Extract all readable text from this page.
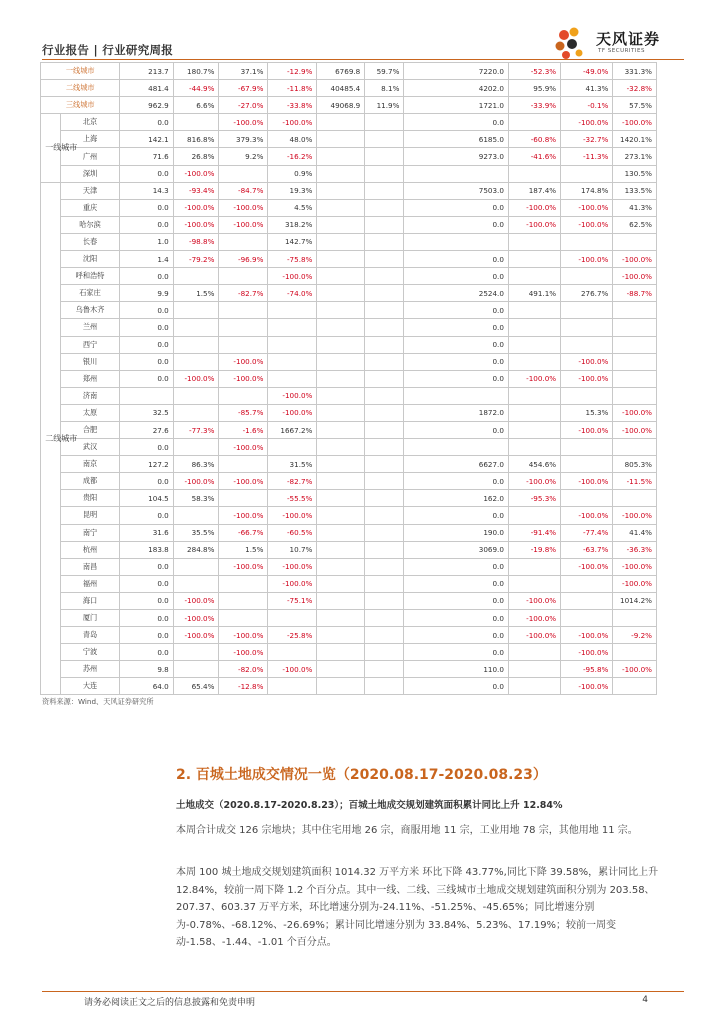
行业报告 | 行业研究周报
天风证券
TF SECURITIES
一线城市		213.7	180.7%	37.1%	-12.9%	6769.8	59.7%	7220.0	-52.3%	-49.0%	331.3%
二线城市		481.4	-44.9%	-67.9%	-11.8%	40485.4	8.1%	4202.0	95.9%	41.3%	-32.8%
三线城市		962.9	6.6%	-27.0%	-33.8%	49068.9	11.9%	1721.0	-33.9%	-0.1%	57.5%
一线城市	北京	0.0		-100.0%	-100.0%			0.0		-100.0%	-100.0%
	上海	142.1	816.8%	379.3%	48.0%			6185.0	-60.8%	-32.7%	1420.1%
	广州	71.6	26.8%	9.2%	-16.2%			9273.0	-41.6%	-11.3%	273.1%
	深圳	0.0	-100.0%		0.9%						130.5%
二线城市	天津	14.3	-93.4%	-84.7%	19.3%			7503.0	187.4%	174.8%	133.5%
	重庆	0.0	-100.0%	-100.0%	4.5%			0.0	-100.0%	-100.0%	41.3%
	哈尔滨	0.0	-100.0%	-100.0%	318.2%			0.0	-100.0%	-100.0%	62.5%
	长春	1.0	-98.8%		142.7%						
	沈阳	1.4	-79.2%	-96.9%	-75.8%			0.0		-100.0%	-100.0%
	呼和浩特	0.0			-100.0%			0.0			-100.0%
	石家庄	9.9	1.5%	-82.7%	-74.0%			2524.0	491.1%	276.7%	-88.7%
	乌鲁木齐	0.0						0.0			
	兰州	0.0						0.0			
	西宁	0.0						0.0			
	银川	0.0		-100.0%				0.0		-100.0%	
	郑州	0.0	-100.0%	-100.0%				0.0	-100.0%	-100.0%	
	济南				-100.0%						
	太原	32.5		-85.7%	-100.0%			1872.0		15.3%	-100.0%
	合肥	27.6	-77.3%	-1.6%	1667.2%			0.0		-100.0%	-100.0%
	武汉	0.0		-100.0%							
	南京	127.2	86.3%		31.5%			6627.0	454.6%		805.3%
	成都	0.0	-100.0%	-100.0%	-82.7%			0.0	-100.0%	-100.0%	-11.5%
	贵阳	104.5	58.3%		-55.5%			162.0	-95.3%		
	昆明	0.0		-100.0%	-100.0%			0.0		-100.0%	-100.0%
	南宁	31.6	35.5%	-66.7%	-60.5%			190.0	-91.4%	-77.4%	41.4%
	杭州	183.8	284.8%	1.5%	10.7%			3069.0	-19.8%	-63.7%	-36.3%
	南昌	0.0		-100.0%	-100.0%			0.0		-100.0%	-100.0%
	福州	0.0			-100.0%			0.0			-100.0%
	海口	0.0	-100.0%		-75.1%			0.0	-100.0%		1014.2%
	厦门	0.0	-100.0%					0.0	-100.0%		
	青岛	0.0	-100.0%	-100.0%	-25.8%			0.0	-100.0%	-100.0%	-9.2%
	宁波	0.0		-100.0%				0.0		-100.0%	
	苏州	9.8		-82.0%	-100.0%			110.0		-95.8%	-100.0%
	大连	64.0	65.4%	-12.8%				0.0		-100.0%	
资料来源：Wind、天风证券研究所
2. 百城土地成交情况一览（2020.08.17-2020.08.23）
土地成交（2020.8.17-2020.8.23）；百城土地成交规划建筑面积累计同比上升 12.84%
本周合计成交 126 宗地块；其中住宅用地 26 宗，商服用地 11 宗，工业用地 78 宗，其他用地 11 宗。
本周 100 城土地成交规划建筑面积 1014.32 万平方米 环比下降 43.77%,同比下降 39.58%，累计同比上升 12.84%，较前一周下降 1.2 个百分点。其中一线、二线、三线城市土地成交规划建筑面积分别为 203.58、207.37、603.37 万平方米，环比增速分别为-24.11%、-51.25%、-45.65%；同比增速分别为-0.78%、-68.12%、-26.69%；累计同比增速分别为 33.84%、5.23%、17.19%；较前一周变动-1.58、-1.44、-1.01 个百分点。
请务必阅读正文之后的信息披露和免责申明	4
